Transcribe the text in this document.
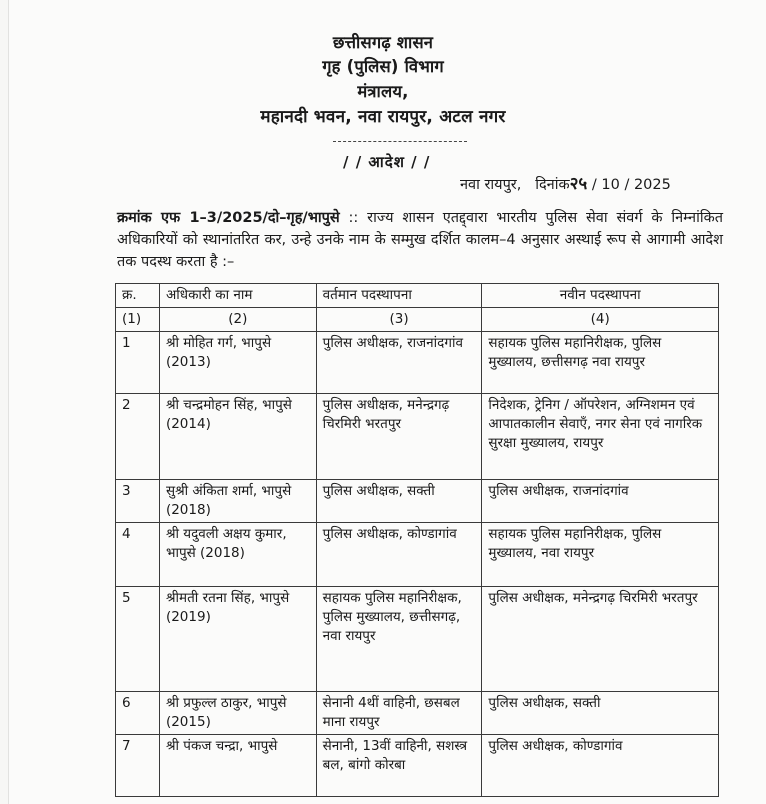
छत्तीसगढ़ शासन
गृह (पुलिस) विभाग
मंत्रालय,
महानदी भवन, नवा रायपुर, अटल नगर
/ / आदेश / /
नवा रायपुर, दिनांक२५ / 10 / 2025
क्रमांक एफ 1–3/2025/दो–गृह/भापुसे :: राज्य शासन एतद्द्वारा भारतीय पुलिस सेवा संवर्ग के निम्नांकित अधिकारियों को स्थानांतरित कर, उन्हे उनके नाम के सम्मुख दर्शित कालम–4 अनुसार अस्थाई रूप से आगामी आदेश तक पदस्थ करता है :–
क्र.	अधिकारी का नाम	वर्तमान पदस्थापना	नवीन पदस्थापना
(1)	(2)	(3)	(4)
1	श्री मोहित गर्ग, भापुसे (2013)	पुलिस अधीक्षक, राजनांदगांव	सहायक पुलिस महानिरीक्षक, पुलिस मुख्यालय, छत्तीसगढ़ नवा रायपुर
2	श्री चन्द्रमोहन सिंह, भापुसे (2014)	पुलिस अधीक्षक, मनेन्द्रगढ़ चिरमिरी भरतपुर	निदेशक, ट्रेनिग / ऑपरेशन, अग्निशमन एवं आपातकालीन सेवाएँ, नगर सेना एवं नागरिक सुरक्षा मुख्यालय, रायपुर
3	सुश्री अंकिता शर्मा, भापुसे (2018)	पुलिस अधीक्षक, सक्ती	पुलिस अधीक्षक, राजनांदगांव
4	श्री यदुवली अक्षय कुमार, भापुसे (2018)	पुलिस अधीक्षक, कोण्डागांव	सहायक पुलिस महानिरीक्षक, पुलिस मुख्यालय, नवा रायपुर
5	श्रीमती रतना सिंह, भापुसे (2019)	सहायक पुलिस महानिरीक्षक, पुलिस मुख्यालय, छत्तीसगढ़, नवा रायपुर	पुलिस अधीक्षक, मनेन्द्रगढ़ चिरमिरी भरतपुर
6	श्री प्रफुल्ल ठाकुर, भापुसे (2015)	सेनानी 4थीं वाहिनी, छसबल माना रायपुर	पुलिस अधीक्षक, सक्ती
7	श्री पंकज चन्द्रा, भापुसे	सेनानी, 13वीं वाहिनी, सशस्त्र बल, बांगो कोरबा	पुलिस अधीक्षक, कोण्डागांव
